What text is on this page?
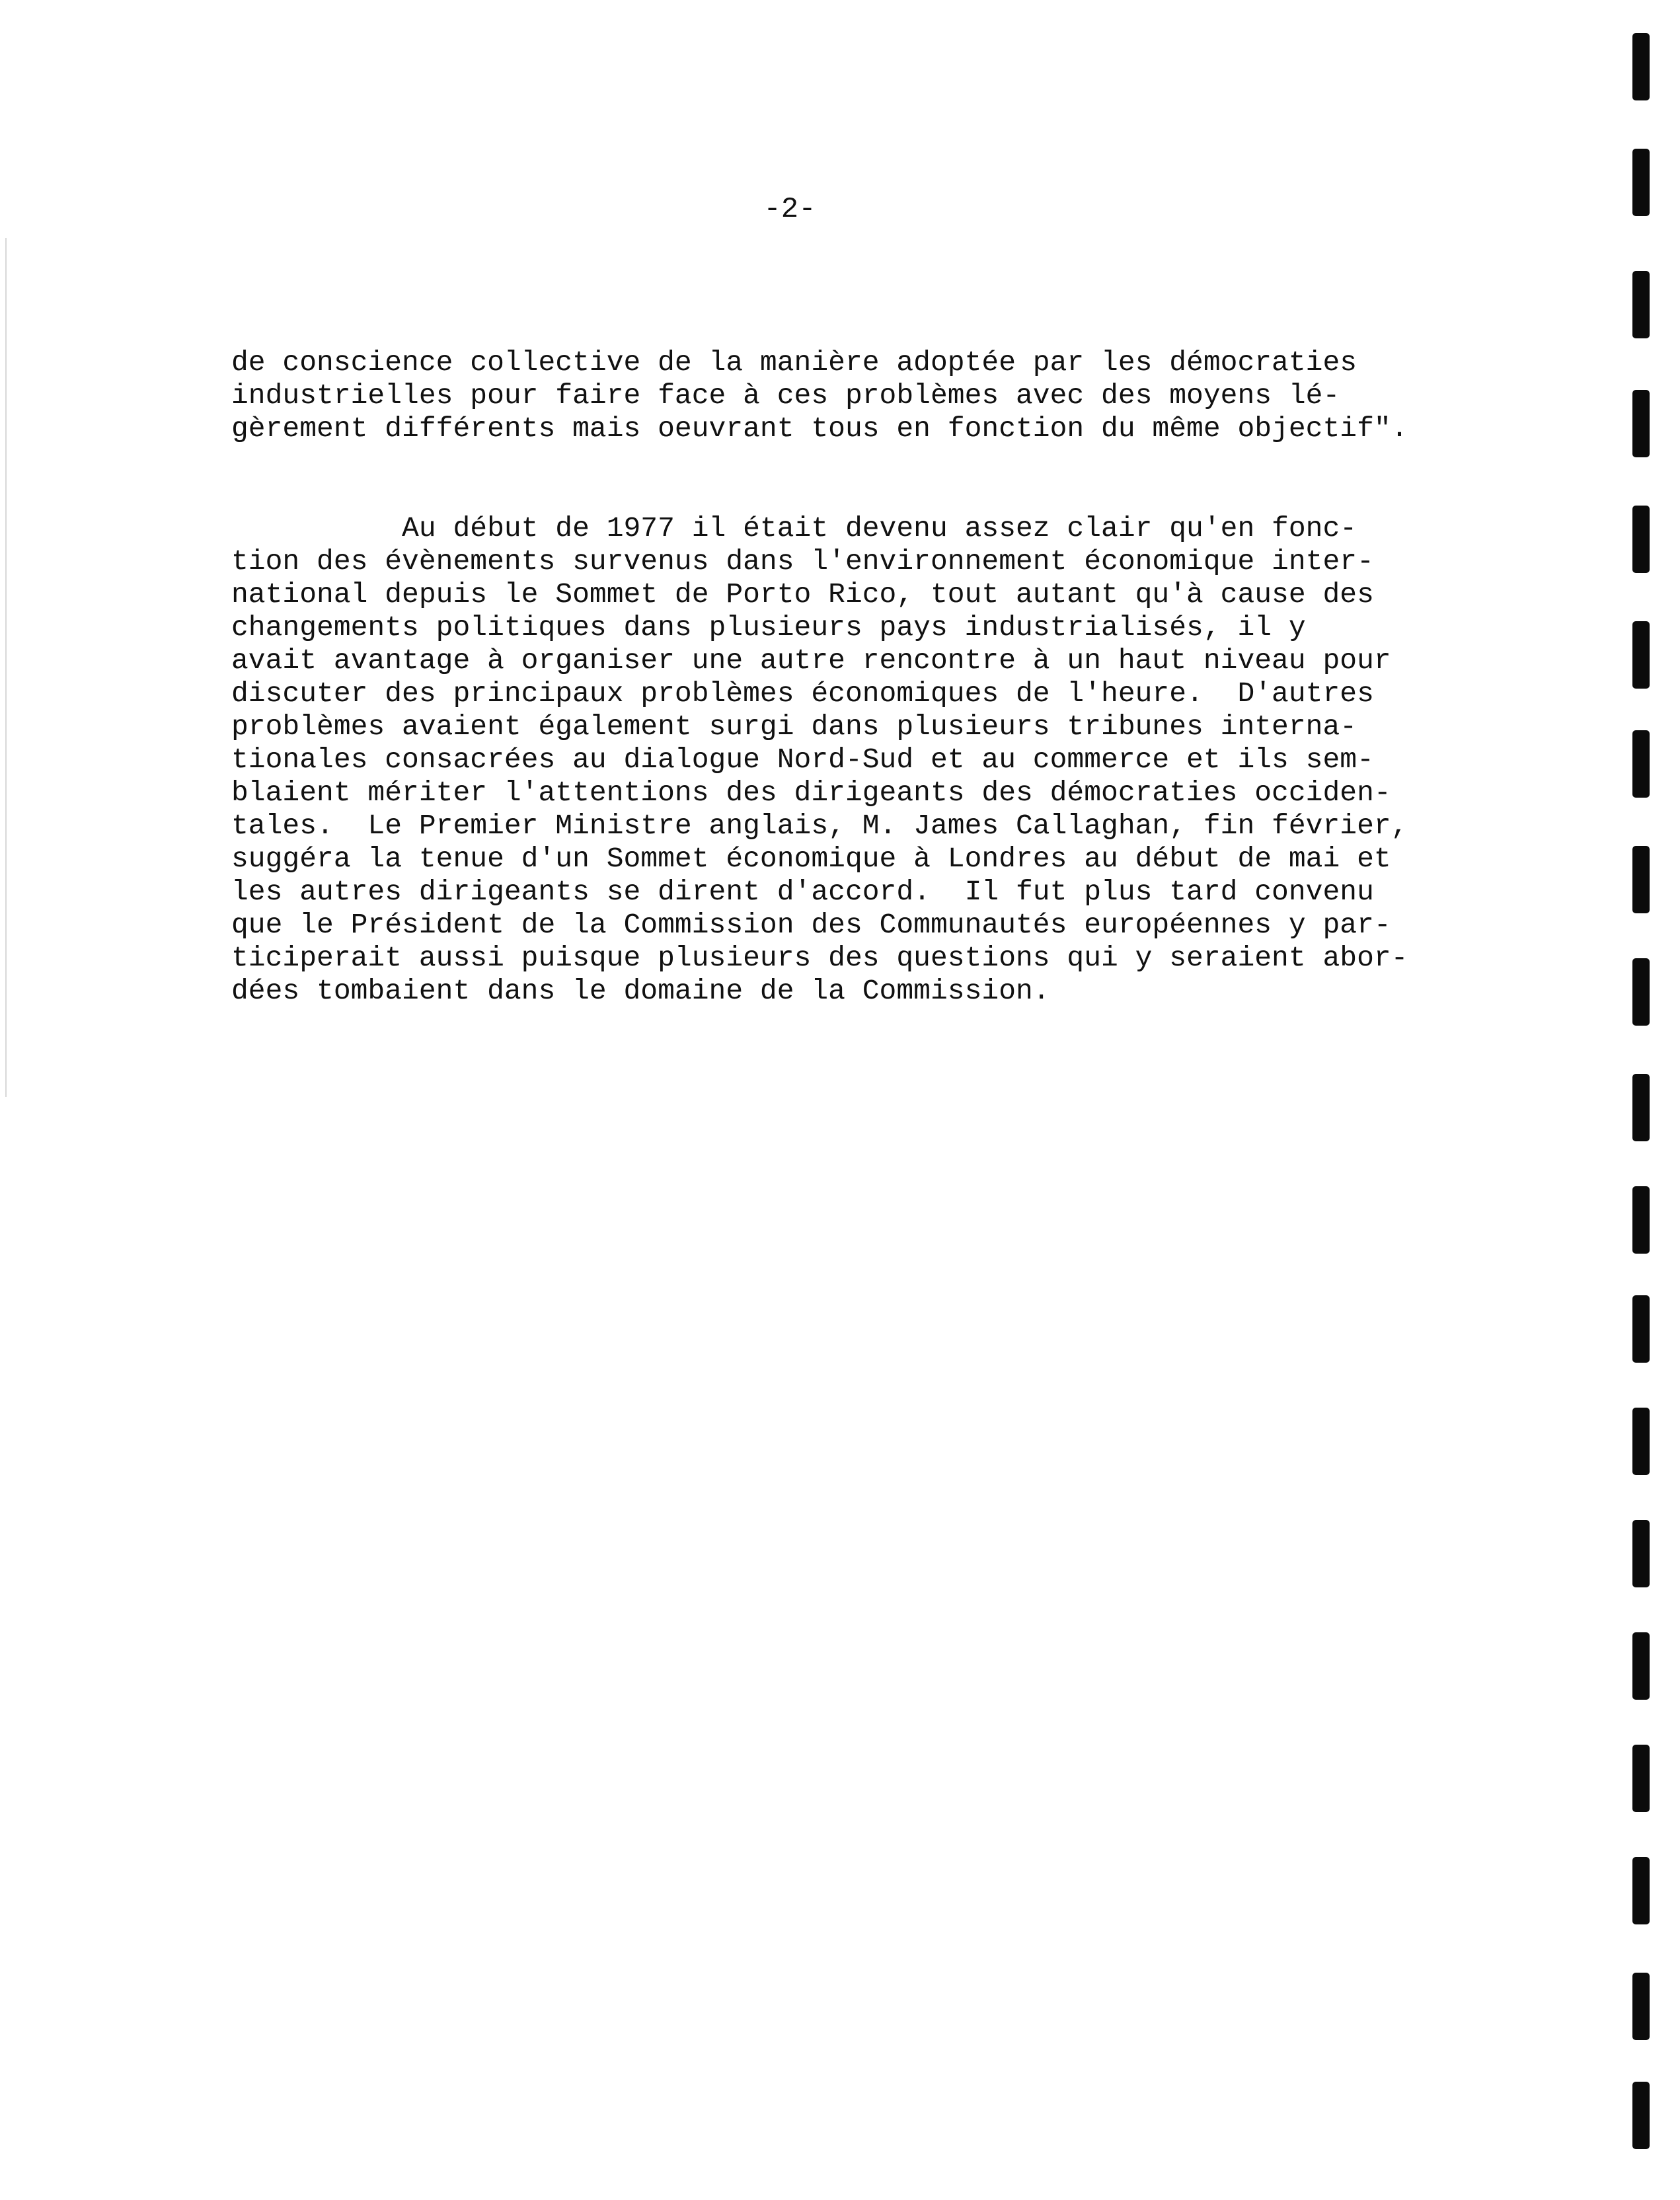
-2-
de conscience collective de la manière adoptée par les démocraties
industrielles pour faire face à ces problèmes avec des moyens lé-
gèrement différents mais oeuvrant tous en fonction du même objectif".
Au début de 1977 il était devenu assez clair qu'en fonc-
tion des évènements survenus dans l'environnement économique inter-
national depuis le Sommet de Porto Rico, tout autant qu'à cause des
changements politiques dans plusieurs pays industrialisés, il y
avait avantage à organiser une autre rencontre à un haut niveau pour
discuter des principaux problèmes économiques de l'heure.  D'autres
problèmes avaient également surgi dans plusieurs tribunes interna-
tionales consacrées au dialogue Nord-Sud et au commerce et ils sem-
blaient mériter l'attentions des dirigeants des démocraties occiden-
tales.  Le Premier Ministre anglais, M. James Callaghan, fin février,
suggéra la tenue d'un Sommet économique à Londres au début de mai et
les autres dirigeants se dirent d'accord.  Il fut plus tard convenu
que le Président de la Commission des Communautés européennes y par-
ticiperait aussi puisque plusieurs des questions qui y seraient abor-
dées tombaient dans le domaine de la Commission.
